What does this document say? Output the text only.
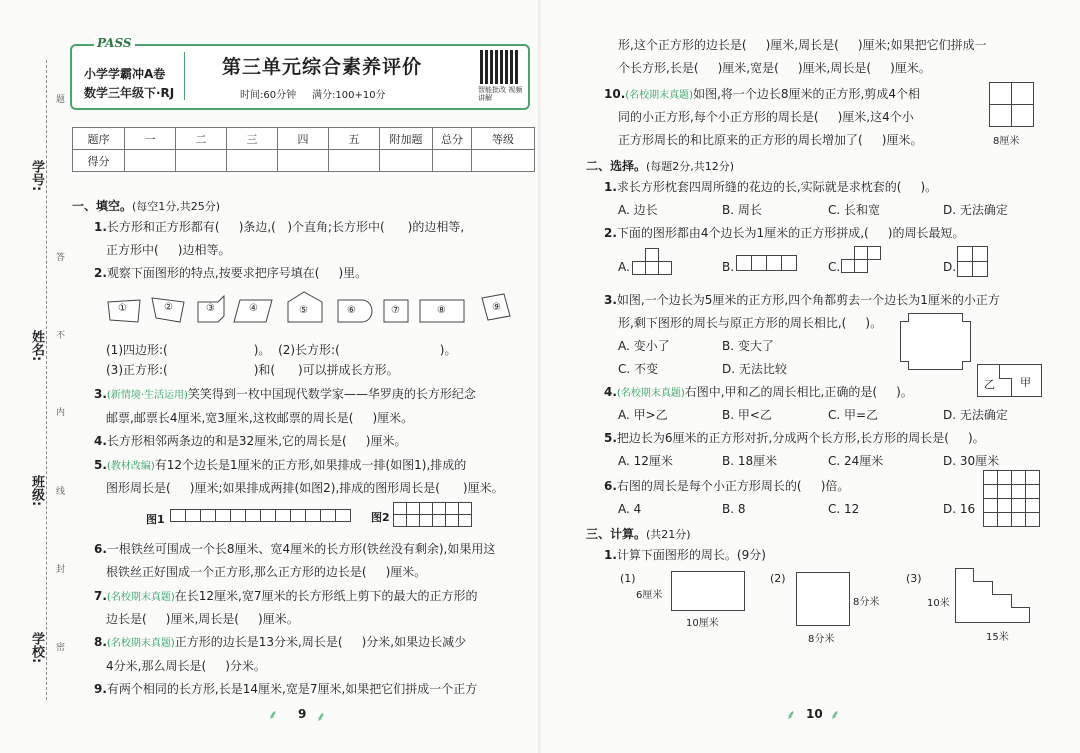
学号:
姓名:
班级:
学校:
题
答
不
内
线
封
密
PASS
小学学霸冲A卷
数学三年级下·RJ
第三单元综合素养评价
时间:60分钟 满分:100+10分	智能批改 视频讲解
题序	一	二	三	四	五	附加题	总分	等级
得分								
一、填空。(每空1分,共25分)
1.长方形和正方形都有( )条边,( )个直角;长方形中( )的边相等,
正方形中( )边相等。
2.观察下面图形的特点,按要求把序号填在( )里。
①	②	③	④	⑤	⑥	⑦	⑧	⑨
(1)四边形:(	)。 (2)长方形:(	)。
(3)正方形:(	)和( )可以拼成长方形。
3.(新情境·生活运用)笑笑得到一枚中国现代数学家——华罗庚的长方形纪念
邮票,邮票长4厘米,宽3厘米,这枚邮票的周长是( )厘米。
4.长方形相邻两条边的和是32厘米,它的周长是( )厘米。
5.(教材改编)有12个边长是1厘米的正方形,如果排成一排(如图1),排成的
图形周长是( )厘米;如果排成两排(如图2),排成的图形周长是( )厘米。
图1	图2
6.一根铁丝可围成一个长8厘米、宽4厘米的长方形(铁丝没有剩余),如果用这
根铁丝正好围成一个正方形,那么正方形的边长是( )厘米。
7.(名校期末真题)在长12厘米,宽7厘米的长方形纸上剪下的最大的正方形的
边长是( )厘米,周长是( )厘米。
8.(名校期末真题)正方形的边长是13分米,周长是( )分米,如果边长减少
4分米,那么周长是( )分米。
9.有两个相同的长方形,长是14厘米,宽是7厘米,如果把它们拼成一个正方
⸙ 9 ⸙
形,这个正方形的边长是( )厘米,周长是( )厘米;如果把它们拼成一
个长方形,长是( )厘米,宽是( )厘米,周长是( )厘米。
10.(名校期末真题)如图,将一个边长8厘米的正方形,剪成4个相
同的小正方形,每个小正方形的周长是( )厘米,这4个小
正方形周长的和比原来的正方形的周长增加了( )厘米。	8厘米
二、选择。(每题2分,共12分)
1.求长方形枕套四周所缝的花边的长,实际就是求枕套的( )。
A. 边长	B. 周长	C. 长和宽	D. 无法确定
2.下面的图形都由4个边长为1厘米的正方形拼成,( )的周长最短。
A.	B.	C.	D.
3.如图,一个边长为5厘米的正方形,四个角都剪去一个边长为1厘米的小正方
形,剩下图形的周长与原正方形的周长相比,( )。
A. 变小了	B. 变大了
C. 不变	D. 无法比较
4.(名校期末真题)右图中,甲和乙的周长相比,正确的是( )。
A. 甲>乙	B. 甲<乙	C. 甲=乙	D. 无法确定
乙 甲
5.把边长为6厘米的正方形对折,分成两个长方形,长方形的周长是( )。
A. 12厘米	B. 18厘米	C. 24厘米	D. 30厘米
6.右图的周长是每个小正方形周长的( )倍。
A. 4	B. 8	C. 12	D. 16
三、计算。(共21分)
1.计算下面图形的周长。(9分)
(1)
6厘米
10厘米
(2)
8分米
8分米
(3)
10米
15米
⸙ 10 ⸙
